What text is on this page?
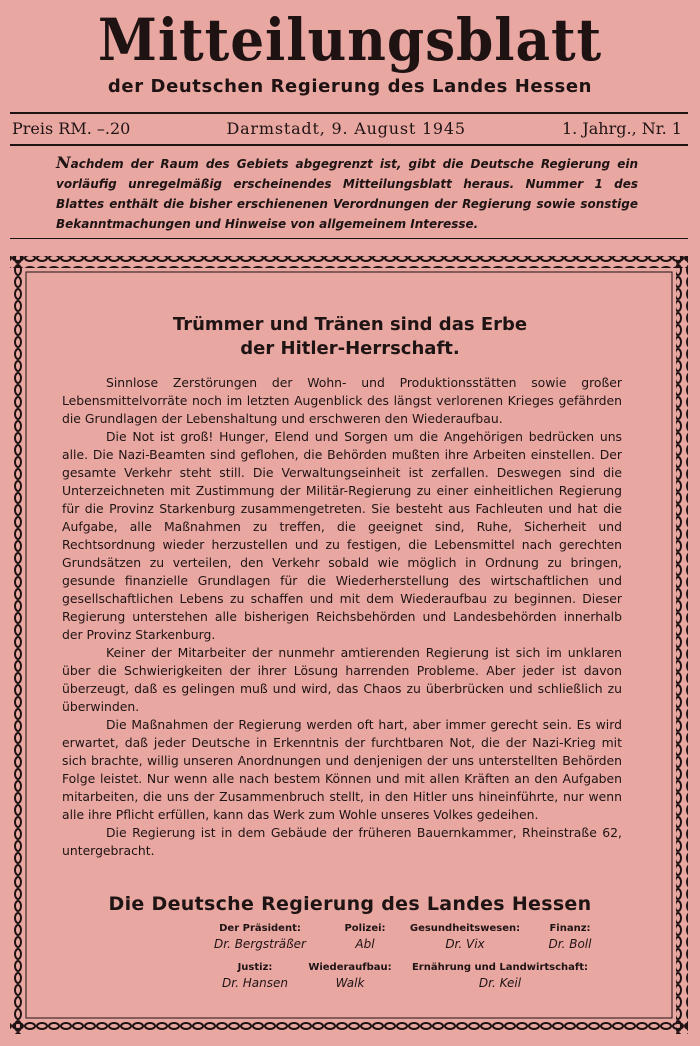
Mitteilungsblatt
der Deutschen Regierung des Landes Hessen
Preis RM. –.20	Darmstadt, 9. August 1945	1. Jahrg., Nr. 1
Nachdem der Raum des Gebiets abgegrenzt ist, gibt die Deutsche Regierung ein vorläufig unregelmäßig erscheinendes Mitteilungsblatt heraus. Nummer 1 des Blattes enthält die bisher erschienenen Verordnungen der Regierung sowie sonstige Bekanntmachungen und Hinweise von allgemeinem Interesse.
Trümmer und Tränen sind das Erbe
der Hitler-Herrschaft.

Sinnlose Zerstörungen der Wohn- und Produktionsstätten sowie großer Lebensmittelvorräte noch im letzten Augenblick des längst verlorenen Krieges gefährden die Grundlagen der Lebenshaltung und erschweren den Wiederaufbau.

Die Not ist groß! Hunger, Elend und Sorgen um die Angehörigen bedrücken uns alle. Die Nazi-Beamten sind geflohen, die Behörden mußten ihre Arbeiten einstellen. Der gesamte Verkehr steht still. Die Verwaltungseinheit ist zerfallen. Deswegen sind die Unterzeichneten mit Zustimmung der Militär-Regierung zu einer einheitlichen Regierung für die Provinz Starkenburg zusammengetreten. Sie besteht aus Fachleuten und hat die Aufgabe, alle Maßnahmen zu treffen, die geeignet sind, Ruhe, Sicherheit und Rechtsordnung wieder herzustellen und zu festigen, die Lebensmittel nach gerechten Grundsätzen zu verteilen, den Verkehr sobald wie möglich in Ordnung zu bringen, gesunde finanzielle Grundlagen für die Wiederherstellung des wirtschaftlichen und gesellschaftlichen Lebens zu schaffen und mit dem Wiederaufbau zu beginnen. Dieser Regierung unterstehen alle bisherigen Reichsbehörden und Landesbehörden innerhalb der Provinz Starkenburg.

Keiner der Mitarbeiter der nunmehr amtierenden Regierung ist sich im unklaren über die Schwierigkeiten der ihrer Lösung harrenden Probleme. Aber jeder ist davon überzeugt, daß es gelingen muß und wird, das Chaos zu überbrücken und schließlich zu überwinden.

Die Maßnahmen der Regierung werden oft hart, aber immer gerecht sein. Es wird erwartet, daß jeder Deutsche in Erkenntnis der furchtbaren Not, die der Nazi-Krieg mit sich brachte, willig unseren Anordnungen und denjenigen der uns unterstellten Behörden Folge leistet. Nur wenn alle nach bestem Können und mit allen Kräften an den Aufgaben mitarbeiten, die uns der Zusammenbruch stellt, in den Hitler uns hineinführte, nur wenn alle ihre Pflicht erfüllen, kann das Werk zum Wohle unseres Volkes gedeihen.

Die Regierung ist in dem Gebäude der früheren Bauernkammer, Rheinstraße 62, untergebracht.

Die Deutsche Regierung des Landes Hessen
Der Präsident:
Dr. Bergsträßer
Polizei:
Abl
Gesundheitswesen:
Dr. Vix
Finanz:
Dr. Boll
Justiz:
Dr. Hansen
Wiederaufbau:
Walk
Ernährung und Landwirtschaft:
Dr. Keil
